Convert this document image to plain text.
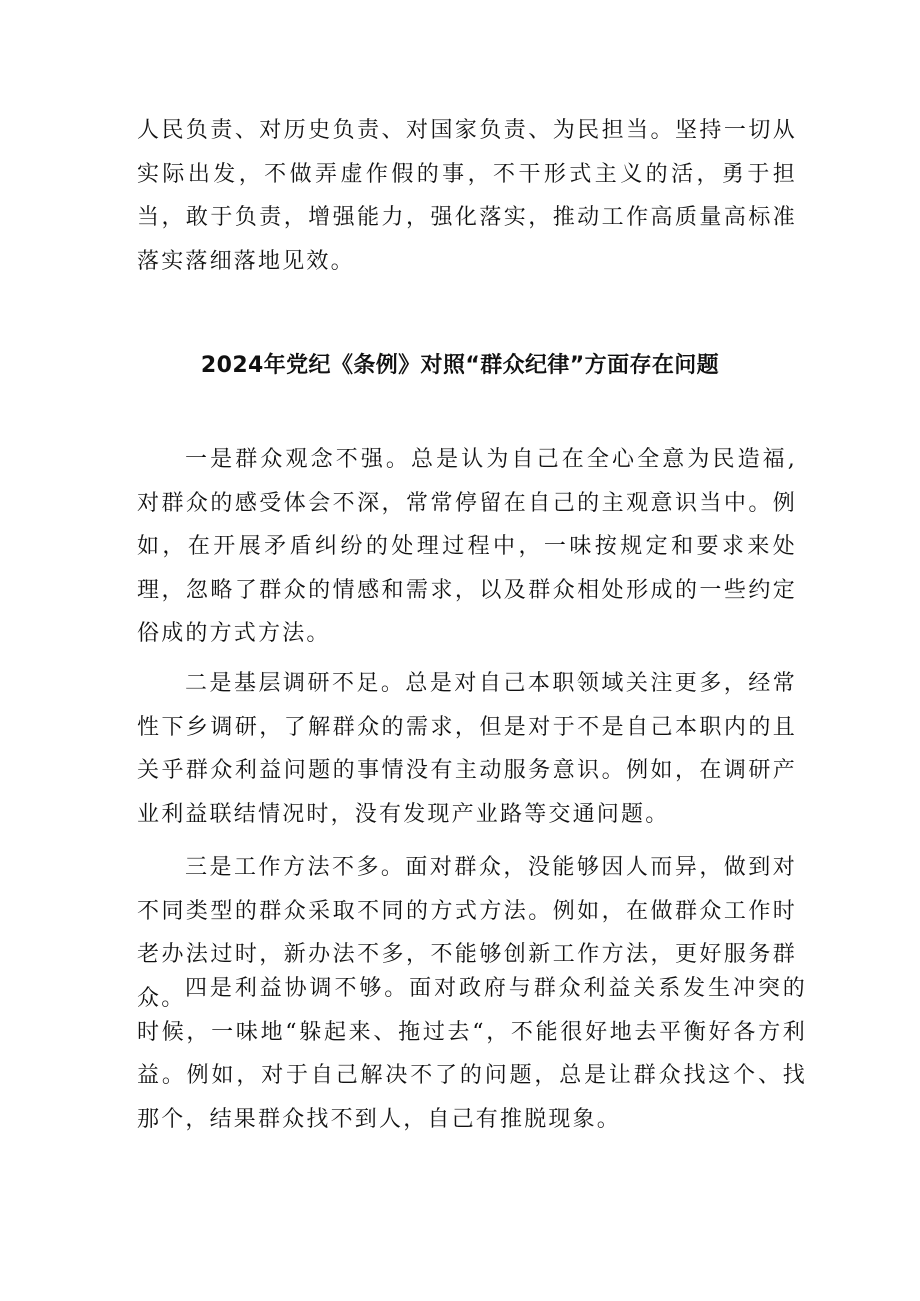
人民负责、对历史负责、对国家负责、为民担当。坚持一切从实际出发，不做弄虚作假的事，不干形式主义的活，勇于担当，敢于负责，增强能力，强化落实，推动工作高质量高标准落实落细落地见效。

2024年党纪《条例》对照“群众纪律”方面存在问题

一是群众观念不强。总是认为自己在全心全意为民造福,对群众的感受体会不深，常常停留在自己的主观意识当中。例如，在开展矛盾纠纷的处理过程中，一味按规定和要求来处理，忽略了群众的情感和需求，以及群众相处形成的一些约定俗成的方式方法。

二是基层调研不足。总是对自己本职领域关注更多，经常性下乡调研，了解群众的需求，但是对于不是自己本职内的且关乎群众利益问题的事情没有主动服务意识。例如，在调研产业利益联结情况时，没有发现产业路等交通问题。

三是工作方法不多。面对群众，没能够因人而异，做到对不同类型的群众采取不同的方式方法。例如，在做群众工作时老办法过时，新办法不多，不能够创新工作方法，更好服务群众。 四是利益协调不够。面对政府与群众利益关系发生冲突的时候，一味地“躲起来、拖过去“，不能很好地去平衡好各方利益。例如，对于自己解决不了的问题，总是让群众找这个、找那个，结果群众找不到人，自己有推脱现象。
